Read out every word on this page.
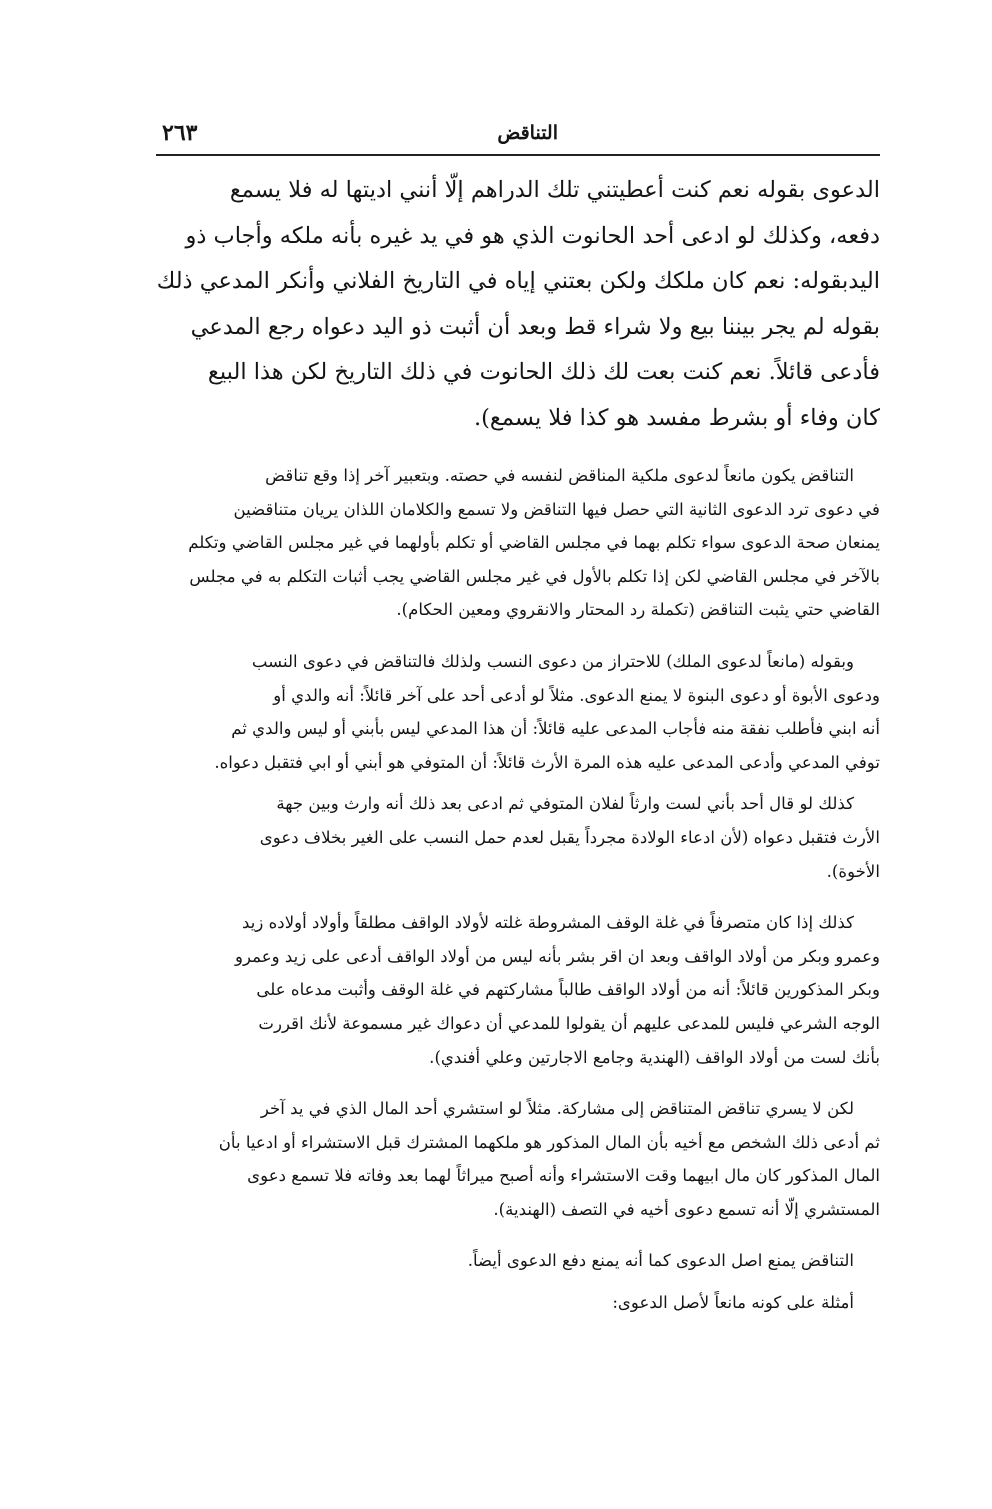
التناقض
٢٦٣
الدعوى بقوله نعم كنت أعطيتني تلك الدراهم إلّا أنني اديتها له فلا يسمع
دفعه، وكذلك لو ادعى أحد الحانوت الذي هو في يد غيره بأنه ملكه وأجاب ذو
اليدبقوله: نعم كان ملكك ولكن بعتني إياه في التاريخ الفلاني وأنكر المدعي ذلك
بقوله لم يجر بيننا بيع ولا شراء قط وبعد أن أثبت ذو اليد دعواه رجع المدعي
فأدعى قائلاً. نعم كنت بعت لك ذلك الحانوت في ذلك التاريخ لكن هذا البيع
كان وفاء أو بشرط مفسد هو كذا فلا يسمع).
التناقض يكون مانعاً لدعوى ملكية المناقض لنفسه في حصته. وبتعبير آخر إذا وقع تناقض
في دعوى ترد الدعوى الثانية التي حصل فيها التناقض ولا تسمع والكلامان اللذان يريان متناقضين
يمنعان صحة الدعوى سواء تكلم بهما في مجلس القاضي أو تكلم بأولهما في غير مجلس القاضي وتكلم
بالآخر في مجلس القاضي لكن إذا تكلم بالأول في غير مجلس القاضي يجب أثبات التكلم به في مجلس
القاضي حتي يثبت التناقض (تكملة رد المحتار والانقروي ومعين الحكام).
وبقوله (مانعاً لدعوى الملك) للاحتراز من دعوى النسب ولذلك فالتناقض في دعوى النسب
ودعوى الأبوة أو دعوى البنوة لا يمنع الدعوى. مثلاً لو أدعى أحد على آخر قائلاً: أنه والدي أو
أنه ابني فأطلب نفقة منه فأجاب المدعى عليه قائلاً: أن هذا المدعي ليس بأبني أو ليس والدي ثم
توفي المدعي وأدعى المدعى عليه هذه المرة الأرث قائلاً: أن المتوفي هو أبني أو ابي فتقبل دعواه.
كذلك لو قال أحد بأني لست وارثاً لفلان المتوفي ثم ادعى بعد ذلك أنه وارث وبين جهة
الأرث فتقبل دعواه (لأن ادعاء الولادة مجرداً يقبل لعدم حمل النسب على الغير بخلاف دعوى
الأخوة).
كذلك إذا كان متصرفاً في غلة الوقف المشروطة غلته لأولاد الواقف مطلقاً وأولاد أولاده زيد
وعمرو وبكر من أولاد الواقف وبعد ان اقر بشر بأنه ليس من أولاد الواقف أدعى على زيد وعمرو
وبكر المذكورين قائلاً: أنه من أولاد الواقف طالباً مشاركتهم في غلة الوقف وأثبت مدعاه على
الوجه الشرعي فليس للمدعى عليهم أن يقولوا للمدعي أن دعواك غير مسموعة لأنك اقررت
بأنك لست من أولاد الواقف (الهندية وجامع الاجارتين وعلي أفندي).
لكن لا يسري تناقض المتناقض إلى مشاركة. مثلاً لو استشري أحد المال الذي في يد آخر
ثم أدعى ذلك الشخص مع أخيه بأن المال المذكور هو ملكهما المشترك قبل الاستشراء أو ادعيا بأن
المال المذكور كان مال ابيهما وقت الاستشراء وأنه أصبح ميراثاً لهما بعد وفاته فلا تسمع دعوى
المستشري إلّا أنه تسمع دعوى أخيه في التصف (الهندية).
التناقض يمنع اصل الدعوى كما أنه يمنع دفع الدعوى أيضاً.
أمثلة على كونه مانعاً لأصل الدعوى:
